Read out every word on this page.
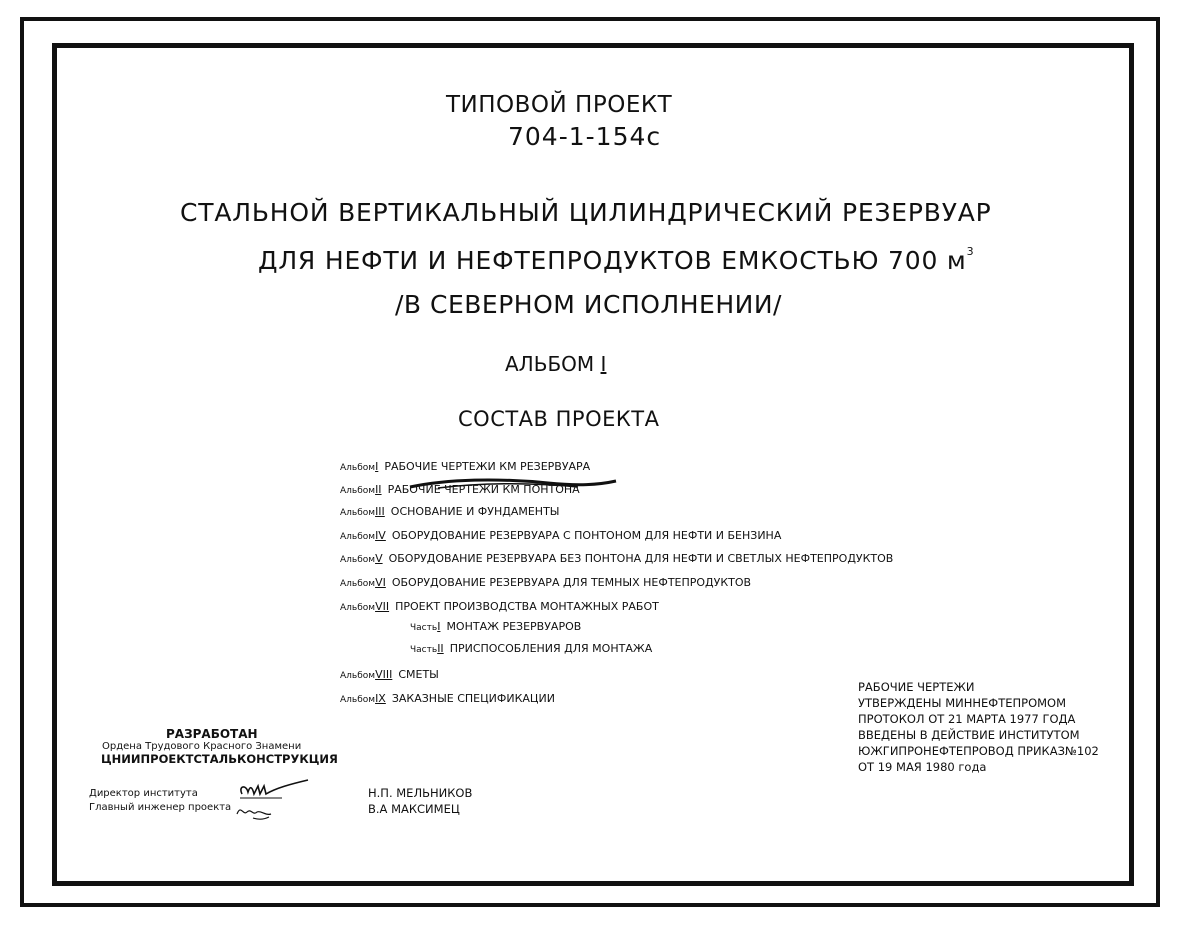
ТИПОВОЙ ПРОЕКТ
704-1-154с
СТАЛЬНОЙ ВЕРТИКАЛЬНЫЙ ЦИЛИНДРИЧЕСКИЙ РЕЗЕРВУАР
ДЛЯ НЕФТИ И НЕФТЕПРОДУКТОВ ЕМКОСТЬЮ 700 $м^3$
/В СЕВЕРНОМ ИСПОЛНЕНИИ/
АЛЬБОМ I
СОСТАВ ПРОЕКТА
АльбомI РАБОЧИЕ ЧЕРТЕЖИ КМ РЕЗЕРВУАРА
АльбомII РАБОЧИЕ ЧЕРТЕЖИ КМ ПОНТОНА
АльбомIII ОСНОВАНИЕ И ФУНДАМЕНТЫ
АльбомIV ОБОРУДОВАНИЕ РЕЗЕРВУАРА С ПОНТОНОМ ДЛЯ НЕФТИ И БЕНЗИНА
АльбомV ОБОРУДОВАНИЕ РЕЗЕРВУАРА БЕЗ ПОНТОНА ДЛЯ НЕФТИ И СВЕТЛЫХ НЕФТЕПРОДУКТОВ
АльбомVI ОБОРУДОВАНИЕ РЕЗЕРВУАРА ДЛЯ ТЕМНЫХ НЕФТЕПРОДУКТОВ
АльбомVII ПРОЕКТ ПРОИЗВОДСТВА МОНТАЖНЫХ РАБОТ
ЧастьI МОНТАЖ РЕЗЕРВУАРОВ
ЧастьII ПРИСПОСОБЛЕНИЯ ДЛЯ МОНТАЖА
АльбомVIII СМЕТЫ
АльбомIX ЗАКАЗНЫЕ СПЕЦИФИКАЦИИ
РАБОЧИЕ ЧЕРТЕЖИ
УТВЕРЖДЕНЫ МИННЕФТЕПРОМОМ
ПРОТОКОЛ ОТ 21 МАРТА 1977 ГОДА
ВВЕДЕНЫ В ДЕЙСТВИЕ ИНСТИТУТОМ
ЮЖГИПРОНЕФТЕПРОВОД ПРИКАЗ№102
ОТ 19 МАЯ 1980 года
РАЗРАБОТАН
Ордена Трудового Красного Знамени
ЦНИИПРОЕКТСТАЛЬКОНСТРУКЦИЯ
Директор института
Главный инженер проекта
Н.П. МЕЛЬНИКОВ
В.А МАКСИМЕЦ
